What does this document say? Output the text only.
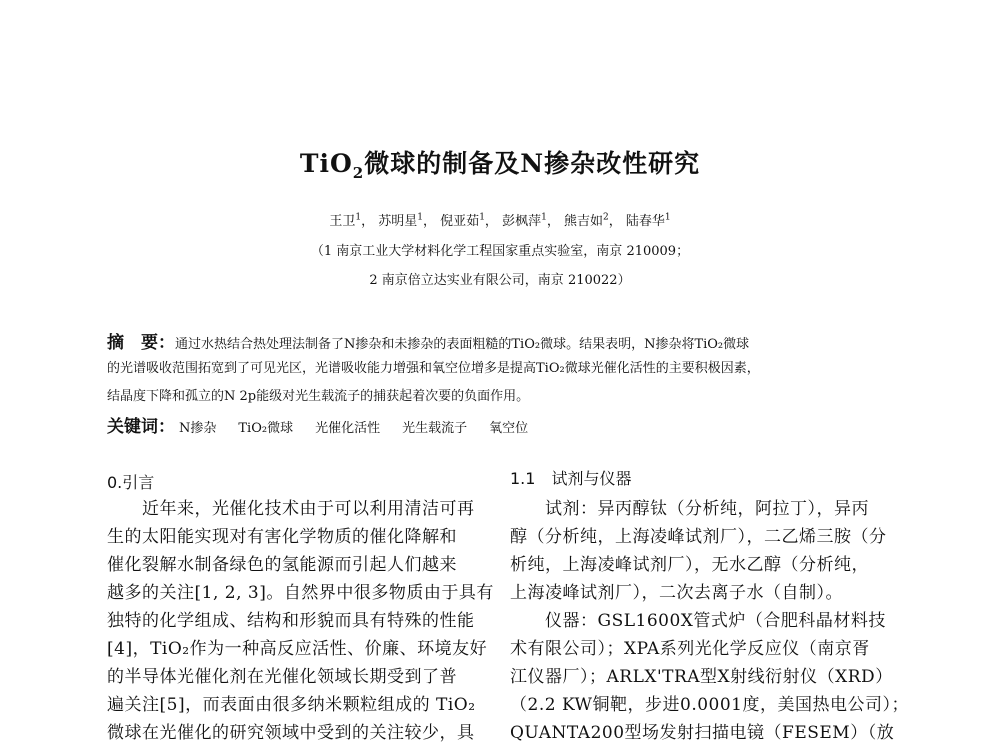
TiO$_2$微球的制备及N掺杂改性研究
王卫$^1$， 苏明星$^1$， 倪亚茹$^1$， 彭枫萍$^1$， 熊吉如$^2$， 陆春华$^1$
（1 南京工业大学材料化学工程国家重点实验室，南京 210009；
2 南京倍立达实业有限公司，南京 210022）
摘　要：通过水热结合热处理法制备了N掺杂和未掺杂的表面粗糙的TiO₂微球。结果表明，N掺杂将TiO₂微球
的光谱吸收范围拓宽到了可见光区，光谱吸收能力增强和氧空位增多是提高TiO₂微球光催化活性的主要积极因素，
结晶度下降和孤立的N 2p能级对光生载流子的捕获起着次要的负面作用。
关键词： N掺杂 TiO₂微球 光催化活性 光生载流子 氧空位
0.引言
　　近年来，光催化技术由于可以利用清洁可再
生的太阳能实现对有害化学物质的催化降解和
催化裂解水制备绿色的氢能源而引起人们越来
越多的关注[1, 2, 3]。自然界中很多物质由于具有
独特的化学组成、结构和形貌而具有特殊的性能
[4]，TiO₂作为一种高反应活性、价廉、环境友好
的半导体光催化剂在光催化领域长期受到了普
遍关注[5]，而表面由很多纳米颗粒组成的 TiO₂
微球在光催化的研究领域中受到的关注较少，具
1.1　试剂与仪器
　　试剂：异丙醇钛（分析纯，阿拉丁），异丙
醇（分析纯，上海凌峰试剂厂），二乙烯三胺（分
析纯，上海凌峰试剂厂），无水乙醇（分析纯，
上海凌峰试剂厂），二次去离子水（自制）。
　　仪器：GSL1600X管式炉（合肥科晶材料技
术有限公司）；XPA系列光化学反应仪（南京胥
江仪器厂）；ARLX'TRA型X射线衍射仪（XRD）
（2.2 KW铜靶，步进0.0001度，美国热电公司）；
QUANTA200型场发射扫描电镜（FESEM）（放
